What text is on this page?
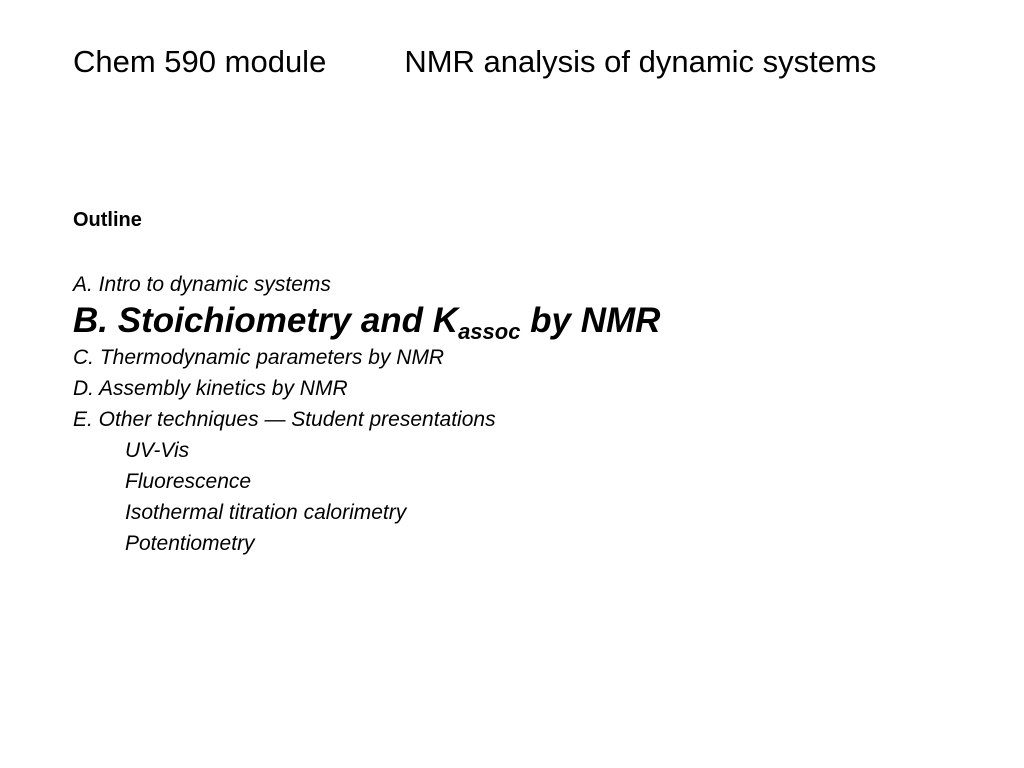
Chem 590 module	NMR analysis of dynamic systems
Outline
A. Intro to dynamic systems
B. Stoichiometry and $K_{assoc}$ by NMR
C. Thermodynamic parameters by NMR
D. Assembly kinetics by NMR
E. Other techniques — Student presentations
UV-Vis
Fluorescence
Isothermal titration calorimetry
Potentiometry
